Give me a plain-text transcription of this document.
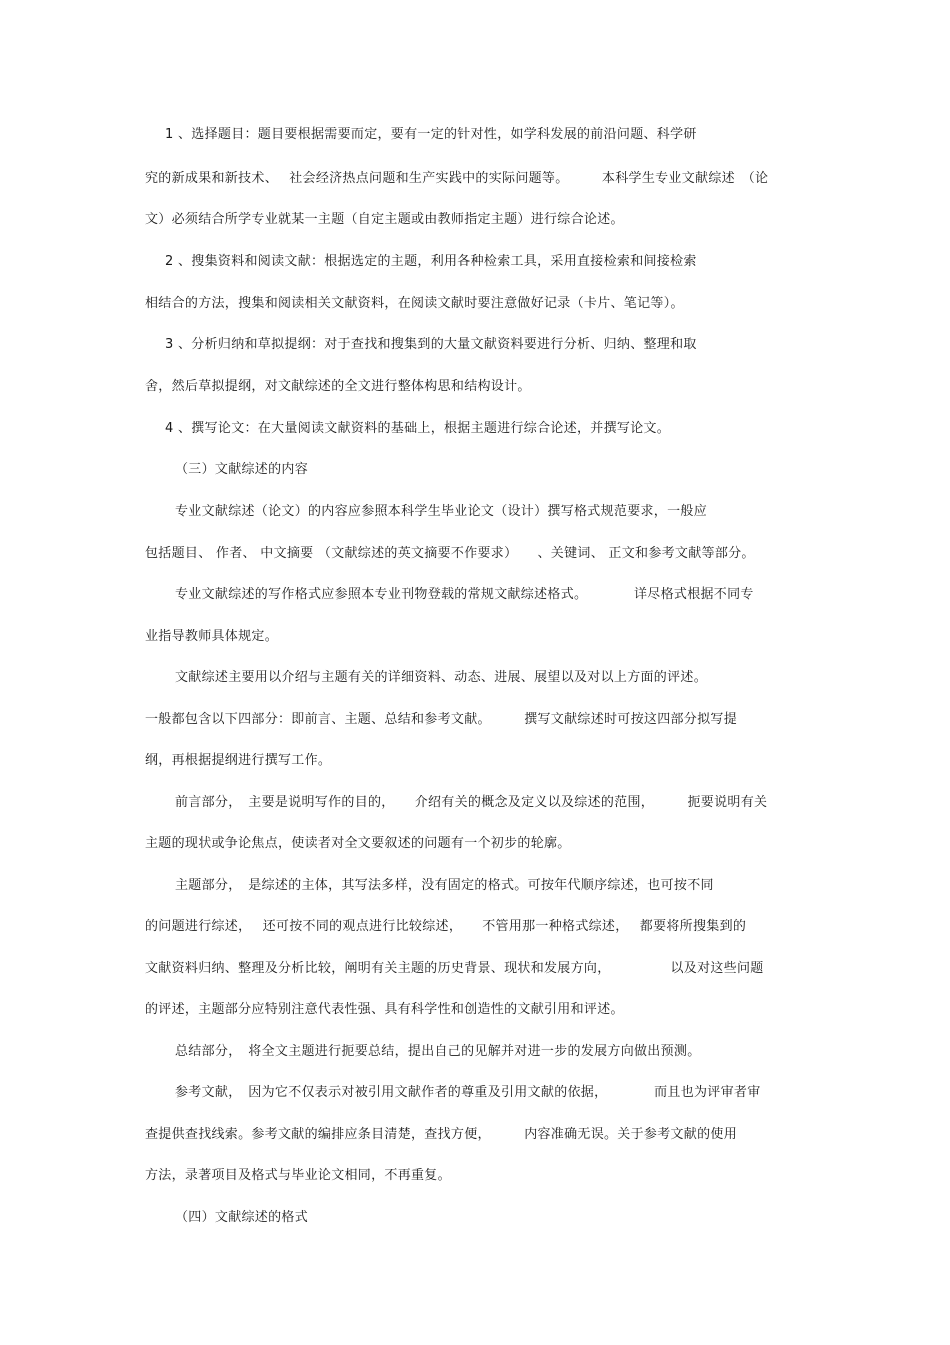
1 、选择题目：题目要根据需要而定，要有一定的针对性，如学科发展的前沿问题、科学研
究的新成果和新技术、　 社会经济热点问题和生产实践中的实际问题等。　　　本科学生专业文献综述　（论
文）必须结合所学专业就某一主题（自定主题或由教师指定主题）进行综合论述。
2 、搜集资料和阅读文献：根据选定的主题，利用各种检索工具，采用直接检索和间接检索
相结合的方法，搜集和阅读相关文献资料，在阅读文献时要注意做好记录（卡片、笔记等）。
3 、分析归纳和草拟提纲：对于查找和搜集到的大量文献资料要进行分析、归纳、整理和取
舍，然后草拟提纲，对文献综述的全文进行整体构思和结构设计。
4 、撰写论文：在大量阅读文献资料的基础上，根据主题进行综合论述，并撰写论文。
（三）文献综述的内容
专业文献综述（论文）的内容应参照本科学生毕业论文（设计）撰写格式规范要求，一般应
包括题目、 作者、 中文摘要 （文献综述的英文摘要不作要求）　　、关键词、 正文和参考文献等部分。
专业文献综述的写作格式应参照本专业刊物登载的常规文献综述格式。　　　　详尽格式根据不同专
业指导教师具体规定。
文献综述主要用以介绍与主题有关的详细资料、动态、进展、展望以及对以上方面的评述。
一般都包含以下四部分：即前言、主题、总结和参考文献。　　　撰写文献综述时可按这四部分拟写提
纲，再根据提纲进行撰写工作。
前言部分，　主要是说明写作的目的，　　介绍有关的概念及定义以及综述的范围，　　　扼要说明有关
主题的现状或争论焦点，使读者对全文要叙述的问题有一个初步的轮廓。
主题部分，　是综述的主体，其写法多样，没有固定的格式。可按年代顺序综述，也可按不同
的问题进行综述，　 还可按不同的观点进行比较综述，　　不管用那一种格式综述，　 都要将所搜集到的
文献资料归纳、整理及分析比较，阐明有关主题的历史背景、现状和发展方向，　　　　　以及对这些问题
的评述，主题部分应特别注意代表性强、具有科学性和创造性的文献引用和评述。
总结部分，　将全文主题进行扼要总结，提出自己的见解并对进一步的发展方向做出预测。
参考文献，　因为它不仅表示对被引用文献作者的尊重及引用文献的依据，　　　　而且也为评审者审
查提供查找线索。参考文献的编排应条目清楚，查找方便，　　　内容准确无误。关于参考文献的使用
方法，录著项目及格式与毕业论文相同，不再重复。
（四）文献综述的格式
